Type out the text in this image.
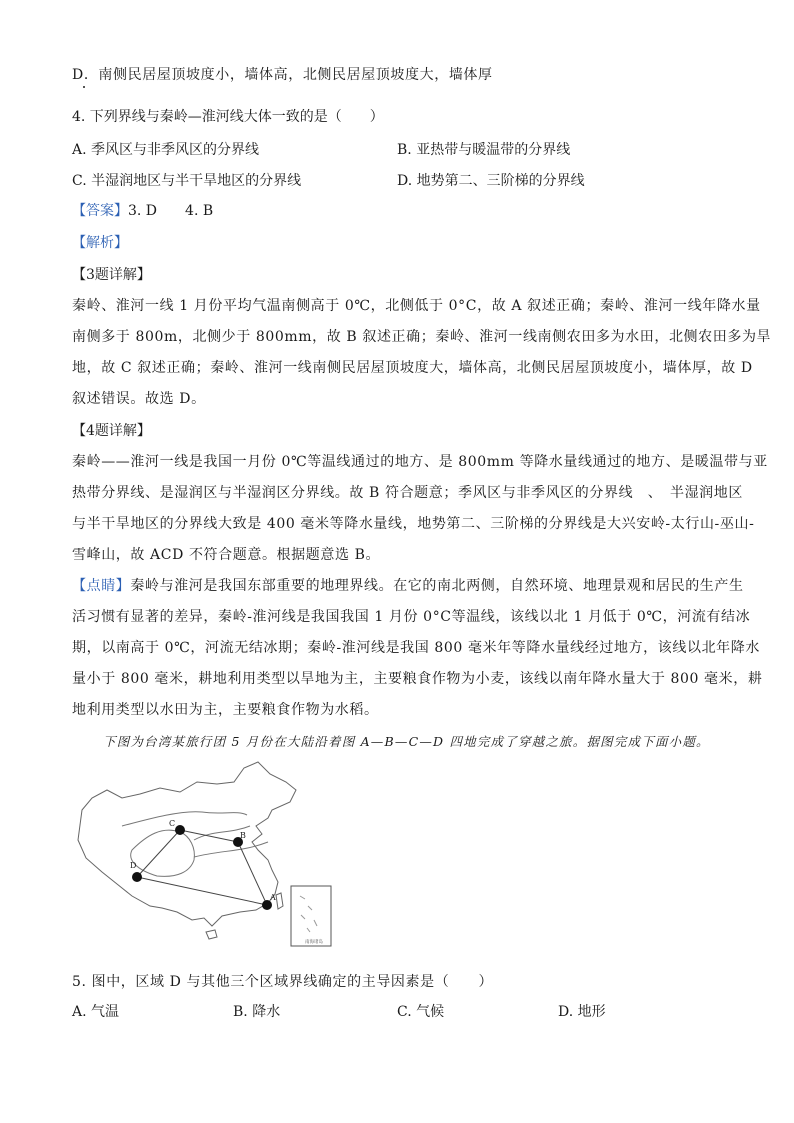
D．南侧民居屋顶坡度小，墙体高，北侧民居屋顶坡度大，墙体厚
4. 下列界线与秦岭—淮河线大体一致的是（　　）
A. 季风区与非季风区的分界线	B. 亚热带与暖温带的分界线
C. 半湿润地区与半干旱地区的分界线	D. 地势第二、三阶梯的分界线
【答案】3. D　　4. B
【解析】
【3题详解】
秦岭、淮河一线 1 月份平均气温南侧高于 0℃，北侧低于 0°C，故 A 叙述正确；秦岭、淮河一线年降水量
南侧多于 800m，北侧少于 800mm，故 B 叙述正确；秦岭、淮河一线南侧农田多为水田，北侧农田多为旱
地，故 C 叙述正确；秦岭、淮河一线南侧民居屋顶坡度大，墙体高，北侧民居屋顶坡度小，墙体厚，故 D
叙述错误。故选 D。
【4题详解】
秦岭——淮河一线是我国一月份 0℃等温线通过的地方、是 800mm 等降水量线通过的地方、是暖温带与亚
热带分界线、是湿润区与半湿润区分界线。故 B 符合题意；季风区与非季风区的分界线　、　半湿润地区
与半干旱地区的分界线大致是 400 毫米等降水量线，地势第二、三阶梯的分界线是大兴安岭-太行山-巫山-
雪峰山，故 ACD 不符合题意。根据题意选 B。
【点睛】秦岭与淮河是我国东部重要的地理界线。在它的南北两侧，自然环境、地理景观和居民的生产生
活习惯有显著的差异，秦岭-淮河线是我国我国 1 月份 0°C等温线，该线以北 1 月低于 0℃，河流有结冰
期，以南高于 0℃，河流无结冰期；秦岭-淮河线是我国 800 毫米年等降水量线经过地方，该线以北年降水
量小于 800 毫米，耕地利用类型以旱地为主，主要粮食作物为小麦，该线以南年降水量大于 800 毫米，耕
地利用类型以水田为主，主要粮食作物为水稻。
下图为台湾某旅行团 5 月份在大陆沿着图 A—B—C—D 四地完成了穿越之旅。据图完成下面小题。
C
B
D
A
南海诸岛
5. 图中，区域 D 与其他三个区域界线确定的主导因素是（　　）
A. 气温	B. 降水	C. 气候	D. 地形
